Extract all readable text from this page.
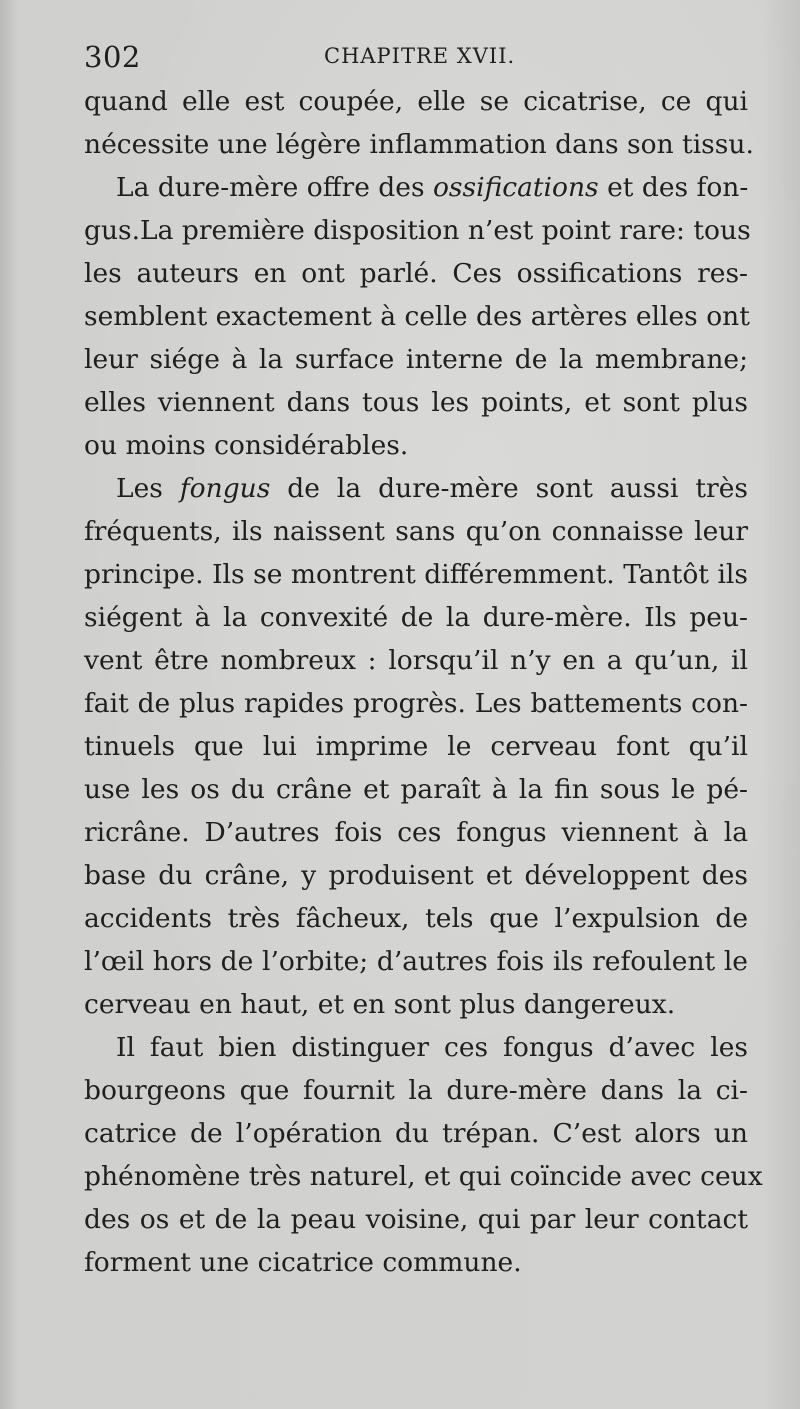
302	CHAPITRE XVII.
quand elle est coupée, elle se cicatrise, ce qui
nécessite une légère inflammation dans son tissu.
La dure-mère offre des ossifications et des fon-
gus.La première disposition n’est point rare: tous
les auteurs en ont parlé. Ces ossifications res-
semblent exactement à celle des artères elles ont
leur siége à la surface interne de la membrane;
elles viennent dans tous les points, et sont plus
ou moins considérables.
Les fongus de la dure-mère sont aussi très
fréquents, ils naissent sans qu’on connaisse leur
principe. Ils se montrent différemment. Tantôt ils
siégent à la convexité de la dure-mère. Ils peu-
vent être nombreux : lorsqu’il n’y en a qu’un, il
fait de plus rapides progrès. Les battements con-
tinuels que lui imprime le cerveau font qu’il
use les os du crâne et paraît à la fin sous le pé-
ricrâne. D’autres fois ces fongus viennent à la
base du crâne, y produisent et développent des
accidents très fâcheux, tels que l’expulsion de
l’œil hors de l’orbite; d’autres fois ils refoulent le
cerveau en haut, et en sont plus dangereux.
Il faut bien distinguer ces fongus d’avec les
bourgeons que fournit la dure-mère dans la ci-
catrice de l’opération du trépan. C’est alors un
phénomène très naturel, et qui coïncide avec ceux
des os et de la peau voisine, qui par leur contact
forment une cicatrice commune.
